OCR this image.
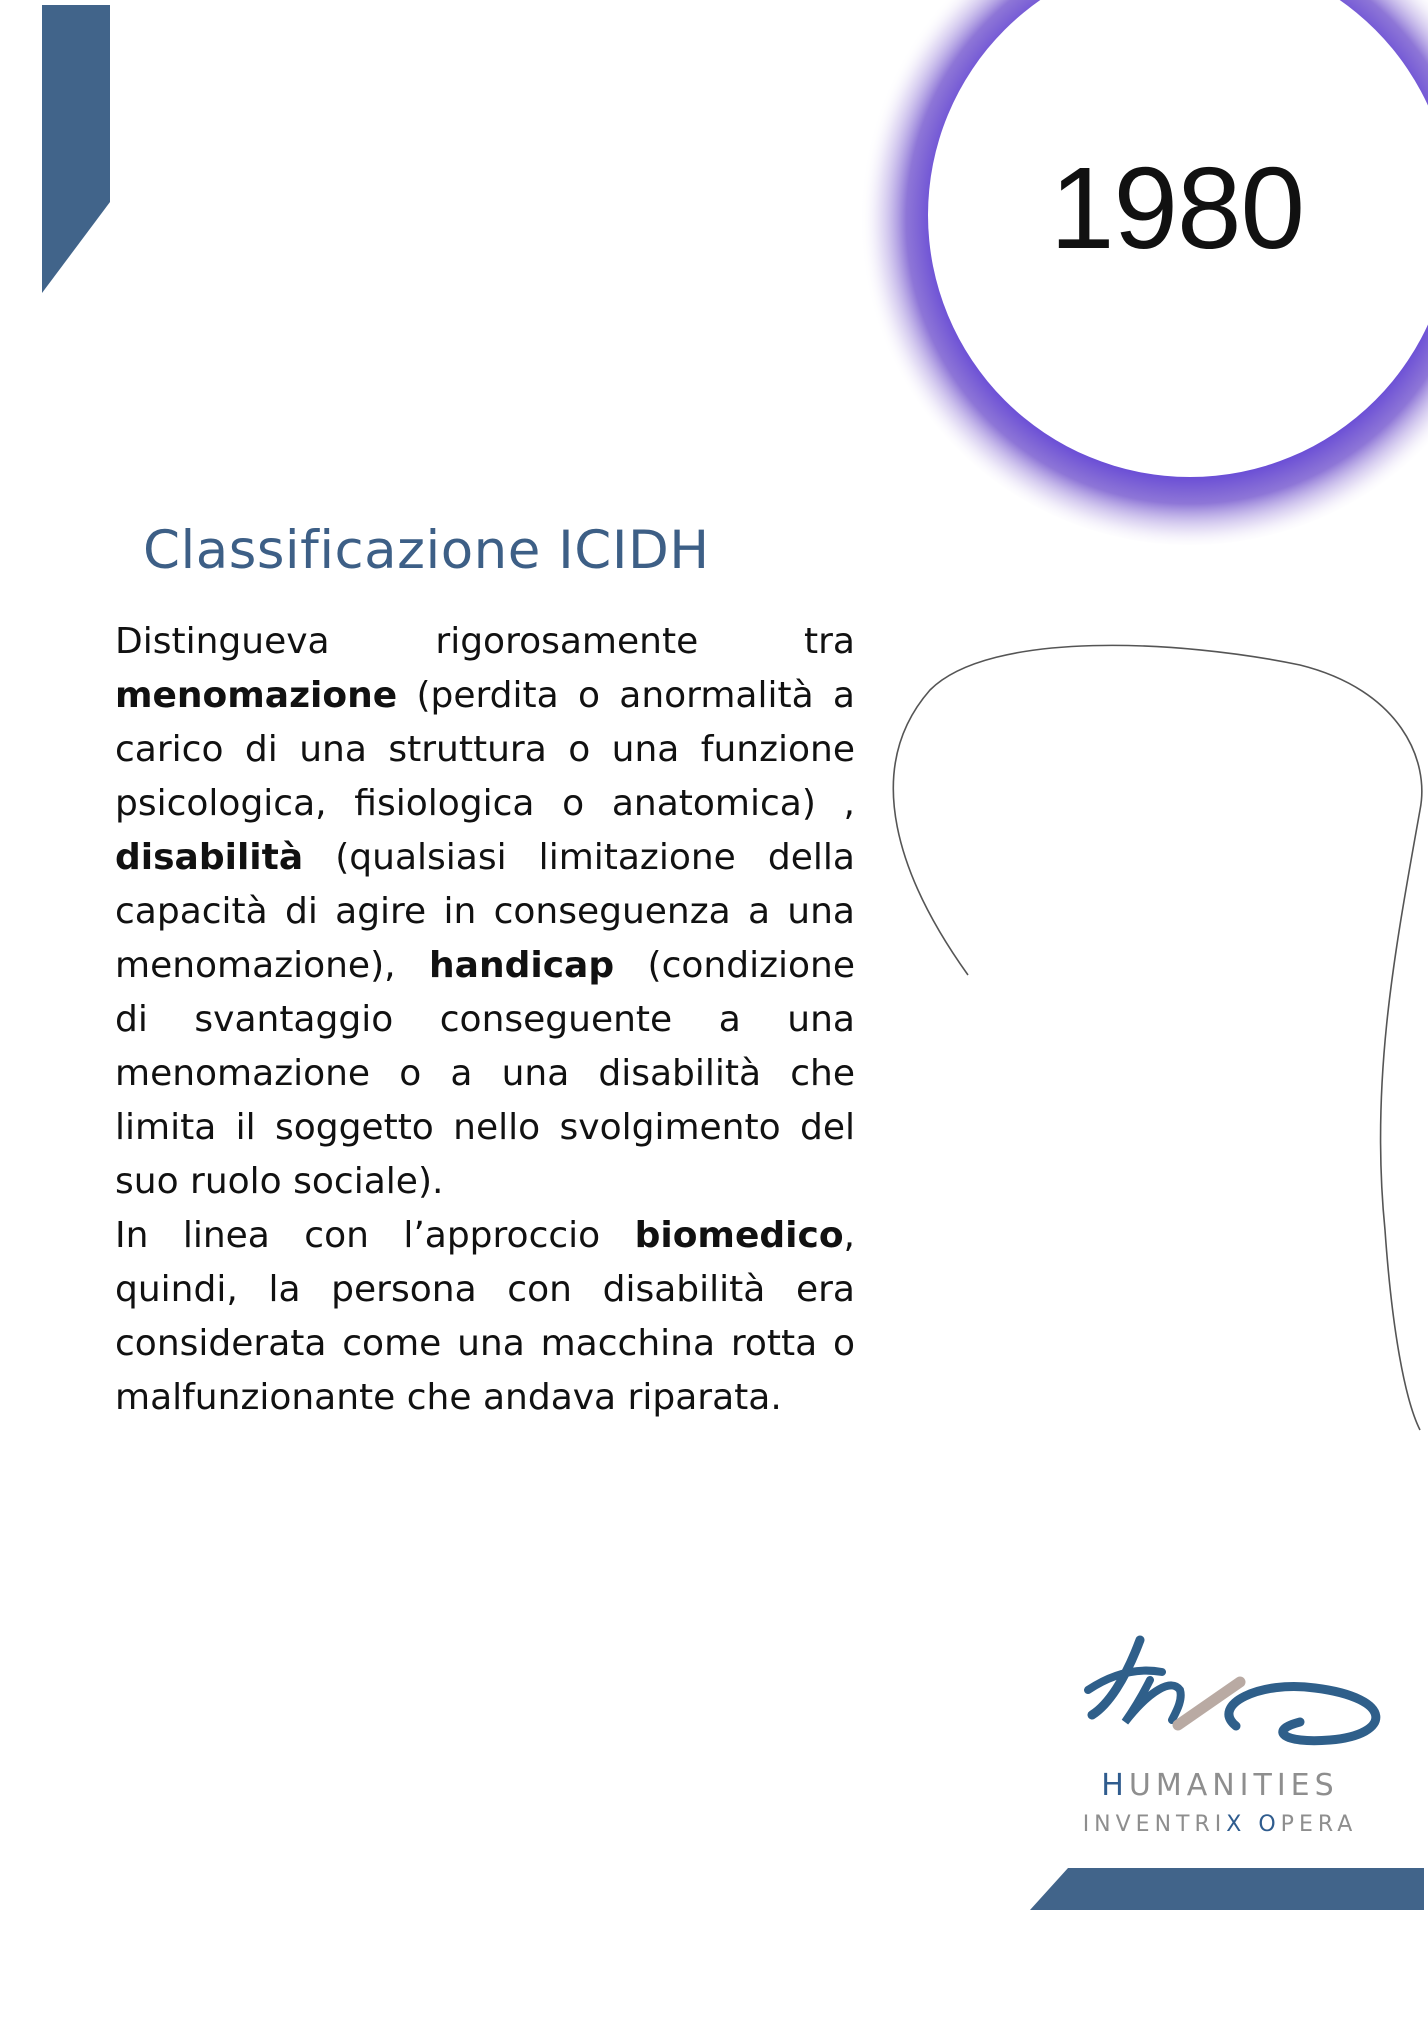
1980
Classificazione ICIDH

Distingueva rigorosamente tra menomazione (perdita o anormalità a carico di una struttura o una funzione psicologica, fisiologica o anatomica) , disabilità (qualsiasi limitazione della capacità di agire in conseguenza a una menomazione), handicap (condizione di svantaggio conseguente a una menomazione o a una disabilità che limita il soggetto nello svolgimento del suo ruolo sociale).

In linea con l’approccio biomedico, quindi, la persona con disabilità era considerata come una macchina rotta o malfunzionante che andava riparata.

HUMANITIES
INVENTRIX OPERA
